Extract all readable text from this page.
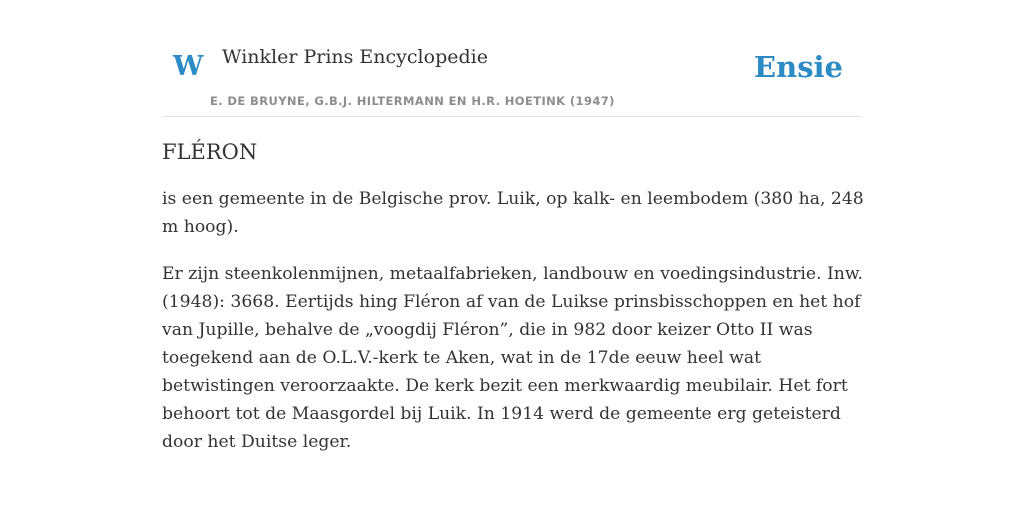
W Winkler Prins Encyclopedie
E. DE BRUYNE, G.B.J. HILTERMANN EN H.R. HOETINK (1947)
Ensie
FLÉRON

is een gemeente in de Belgische prov. Luik, op kalk- en leembodem (380 ha, 248 m hoog).

Er zijn steenkolenmijnen, metaalfabrieken, landbouw en voedingsindustrie. Inw. (1948): 3668. Eertijds hing Fléron af van de Luikse prinsbisschoppen en het hof van Jupille, behalve de „voogdij Fléron”, die in 982 door keizer Otto II was toegekend aan de O.L.V.-kerk te Aken, wat in de 17de eeuw heel wat betwistingen veroorzaakte. De kerk bezit een merkwaardig meubilair. Het fort behoort tot de Maasgordel bij Luik. In 1914 werd de gemeente erg geteisterd door het Duitse leger.
